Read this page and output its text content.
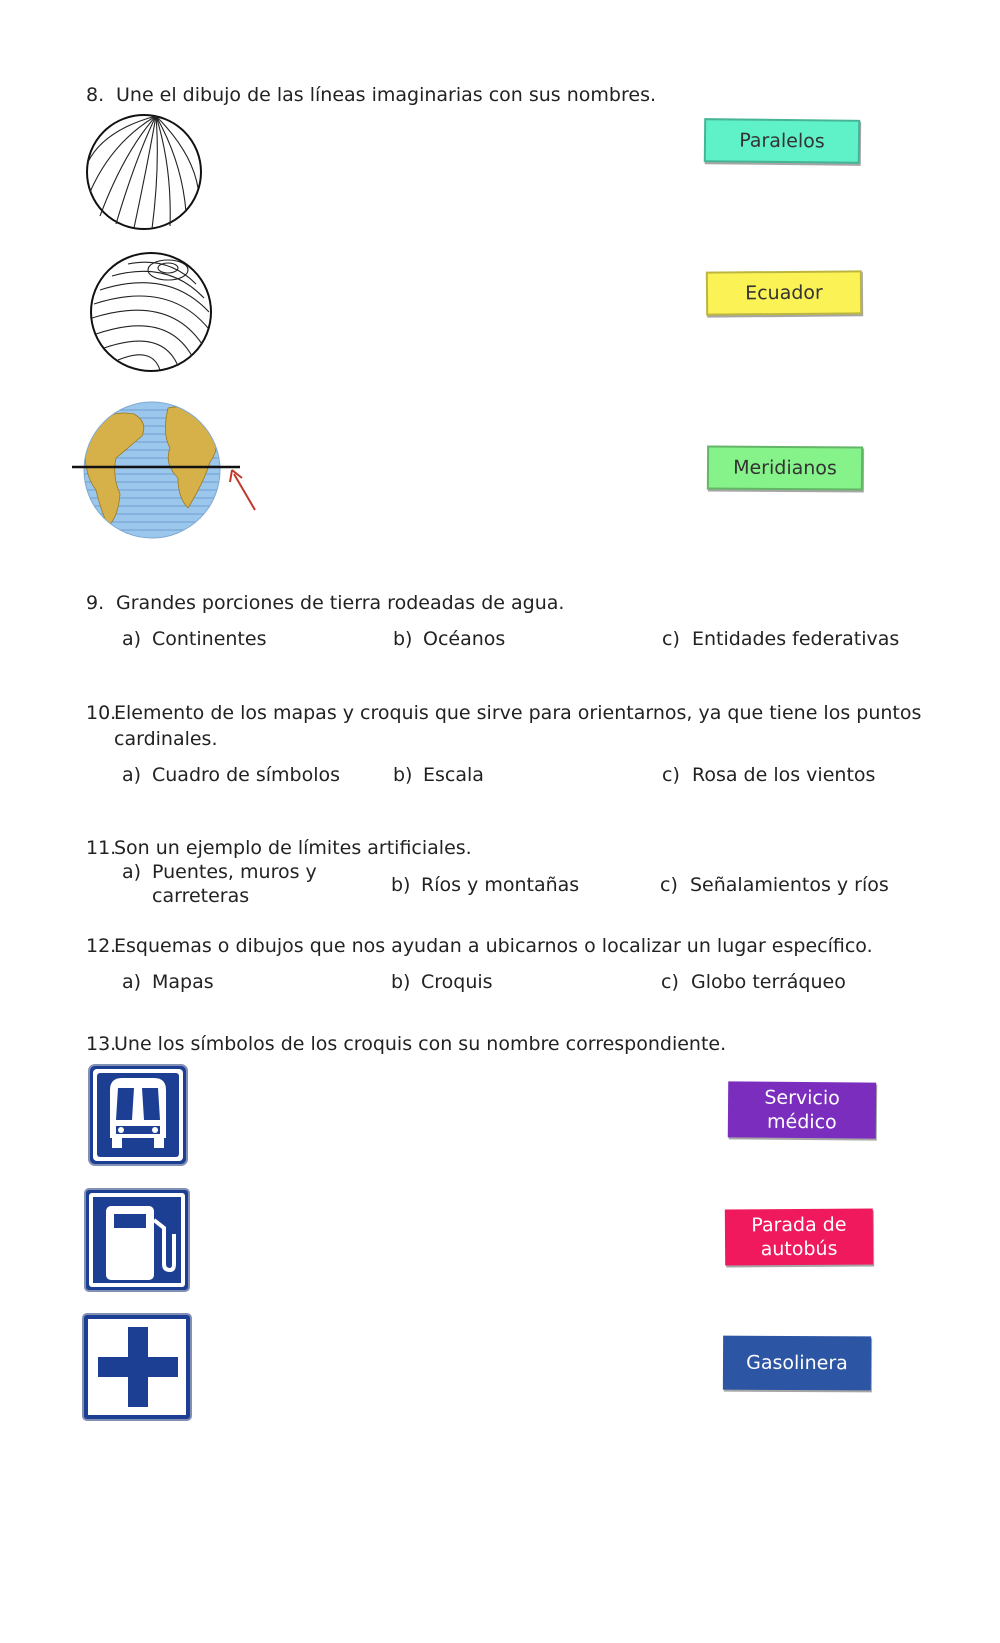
8. Une el dibujo de las líneas imaginarias con sus nombres.
Paralelos
Ecuador
Meridianos
9. Grandes porciones de tierra rodeadas de agua.
a) Continentes	b) Océanos	c) Entidades federativas
10.Elemento de los mapas y croquis que sirve para orientarnos, ya que tiene los puntos
cardinales.
a) Cuadro de símbolos	b) Escala	c) Rosa de los vientos
11.Son un ejemplo de límites artificiales.
a) Puentes, muros y
carreteras	b) Ríos y montañas	c) Señalamientos y ríos
12.Esquemas o dibujos que nos ayudan a ubicarnos o localizar un lugar específico.
a) Mapas	b) Croquis	c) Globo terráqueo
13.Une los símbolos de los croquis con su nombre correspondiente.
Servicio
médico
Parada de
autobús
Gasolinera
